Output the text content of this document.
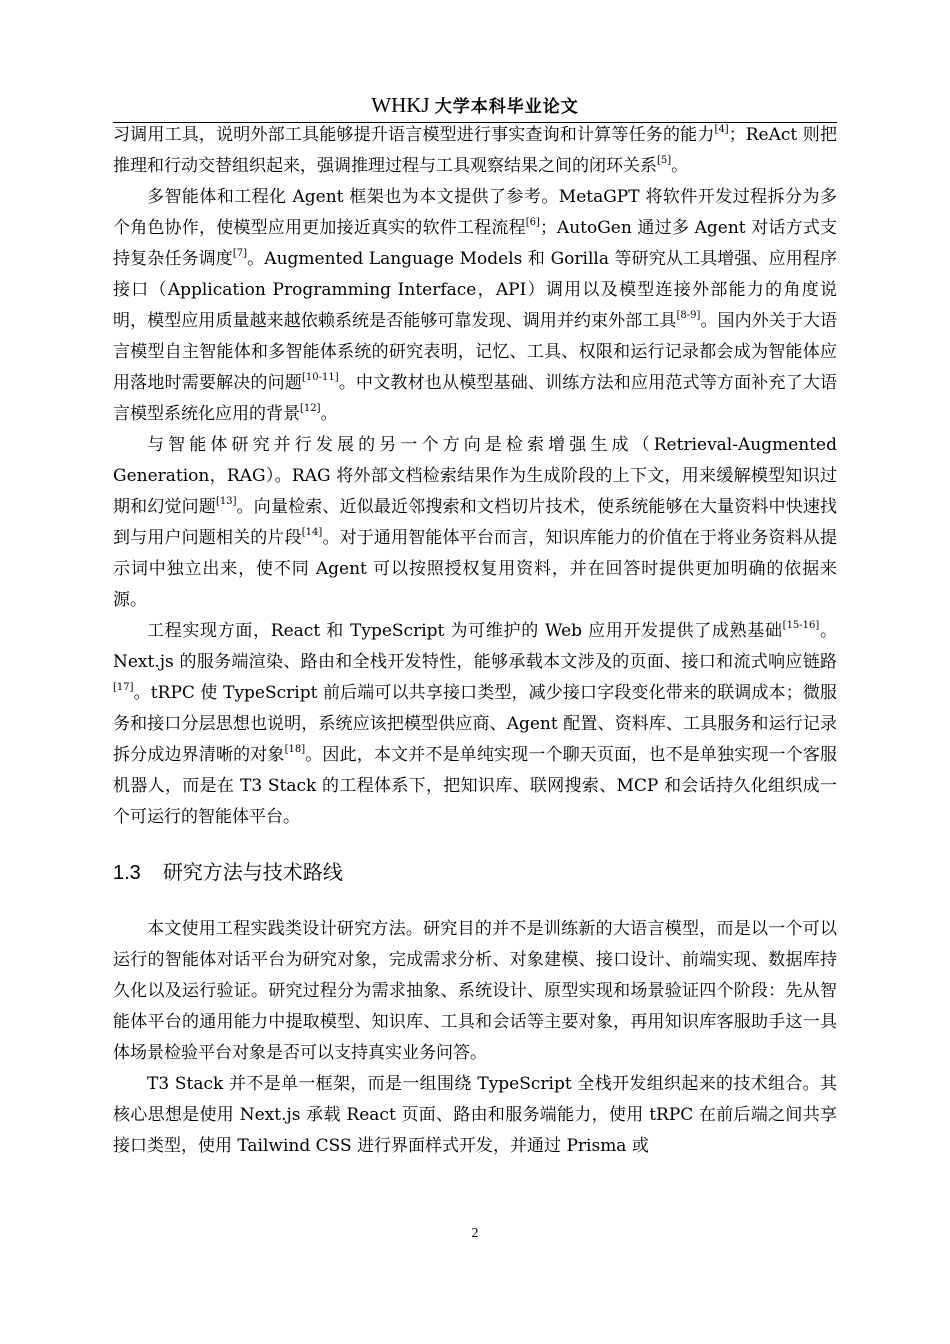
WHKJ 大学本科毕业论文

习调用工具，说明外部工具能够提升语言模型进行事实查询和计算等任务的能力[4]；ReAct 则把推理和行动交替组织起来，强调推理过程与工具观察结果之间的闭环关系[5]。

多智能体和工程化 Agent 框架也为本文提供了参考。MetaGPT 将软件开发过程拆分为多个角色协作，使模型应用更加接近真实的软件工程流程[6]；AutoGen 通过多 Agent 对话方式支持复杂任务调度[7]。Augmented Language Models 和 Gorilla 等研究从工具增强、应用程序接口（Application Programming Interface，API）调用以及模型连接外部能力的角度说明，模型应用质量越来越依赖系统是否能够可靠发现、调用并约束外部工具[8-9]。国内外关于大语言模型自主智能体和多智能体系统的研究表明，记忆、工具、权限和运行记录都会成为智能体应用落地时需要解决的问题[10-11]。中文教材也从模型基础、训练方法和应用范式等方面补充了大语言模型系统化应用的背景[12]。

与智能体研究并行发展的另一个方向是检索增强生成（Retrieval-Augmented Generation，RAG）。RAG 将外部文档检索结果作为生成阶段的上下文，用来缓解模型知识过期和幻觉问题[13]。向量检索、近似最近邻搜索和文档切片技术，使系统能够在大量资料中快速找到与用户问题相关的片段[14]。对于通用智能体平台而言，知识库能力的价值在于将业务资料从提示词中独立出来，使不同 Agent 可以按照授权复用资料，并在回答时提供更加明确的依据来源。

工程实现方面，React 和 TypeScript 为可维护的 Web 应用开发提供了成熟基础[15-16]。Next.js 的服务端渲染、路由和全栈开发特性，能够承载本文涉及的页面、接口和流式响应链路[17]。tRPC 使 TypeScript 前后端可以共享接口类型，减少接口字段变化带来的联调成本；微服务和接口分层思想也说明，系统应该把模型供应商、Agent 配置、资料库、工具服务和运行记录拆分成边界清晰的对象[18]。因此，本文并不是单纯实现一个聊天页面，也不是单独实现一个客服机器人，而是在 T3 Stack 的工程体系下，把知识库、联网搜索、MCP 和会话持久化组织成一个可运行的智能体平台。

1.3 研究方法与技术路线

本文使用工程实践类设计研究方法。研究目的并不是训练新的大语言模型，而是以一个可以运行的智能体对话平台为研究对象，完成需求分析、对象建模、接口设计、前端实现、数据库持久化以及运行验证。研究过程分为需求抽象、系统设计、原型实现和场景验证四个阶段：先从智能体平台的通用能力中提取模型、知识库、工具和会话等主要对象，再用知识库客服助手这一具体场景检验平台对象是否可以支持真实业务问答。

T3 Stack 并不是单一框架，而是一组围绕 TypeScript 全栈开发组织起来的技术组合。其核心思想是使用 Next.js 承载 React 页面、路由和服务端能力，使用 tRPC 在前后端之间共享接口类型，使用 Tailwind CSS 进行界面样式开发，并通过 Prisma 或

2
